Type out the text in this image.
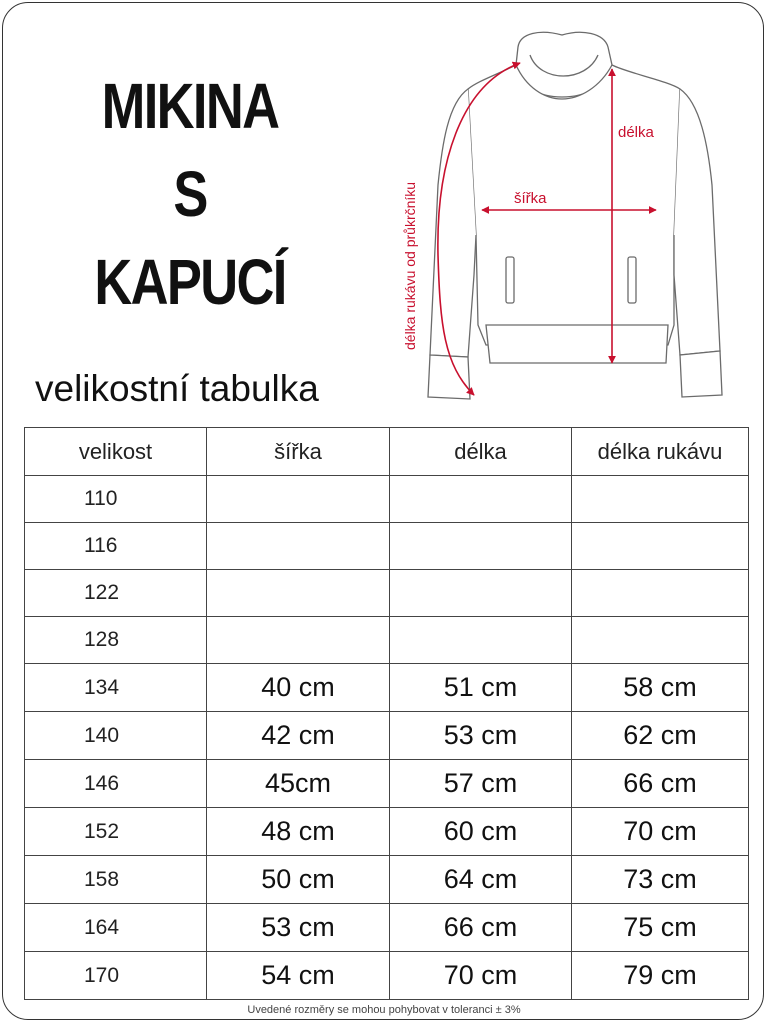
MIKINA
S
KAPUCÍ
délka
šířka
délka rukávu od průkrčníku
velikostní tabulka
velikost	šířka	délka	délka rukávu
110			
116			
122			
128			
134	40 cm	51 cm	58 cm
140	42 cm	53 cm	62 cm
146	45cm	57 cm	66 cm
152	48 cm	60 cm	70 cm
158	50 cm	64 cm	73 cm
164	53 cm	66 cm	75 cm
170	54 cm	70 cm	79 cm
Uvedené rozměry se mohou pohybovat v toleranci ± 3%
